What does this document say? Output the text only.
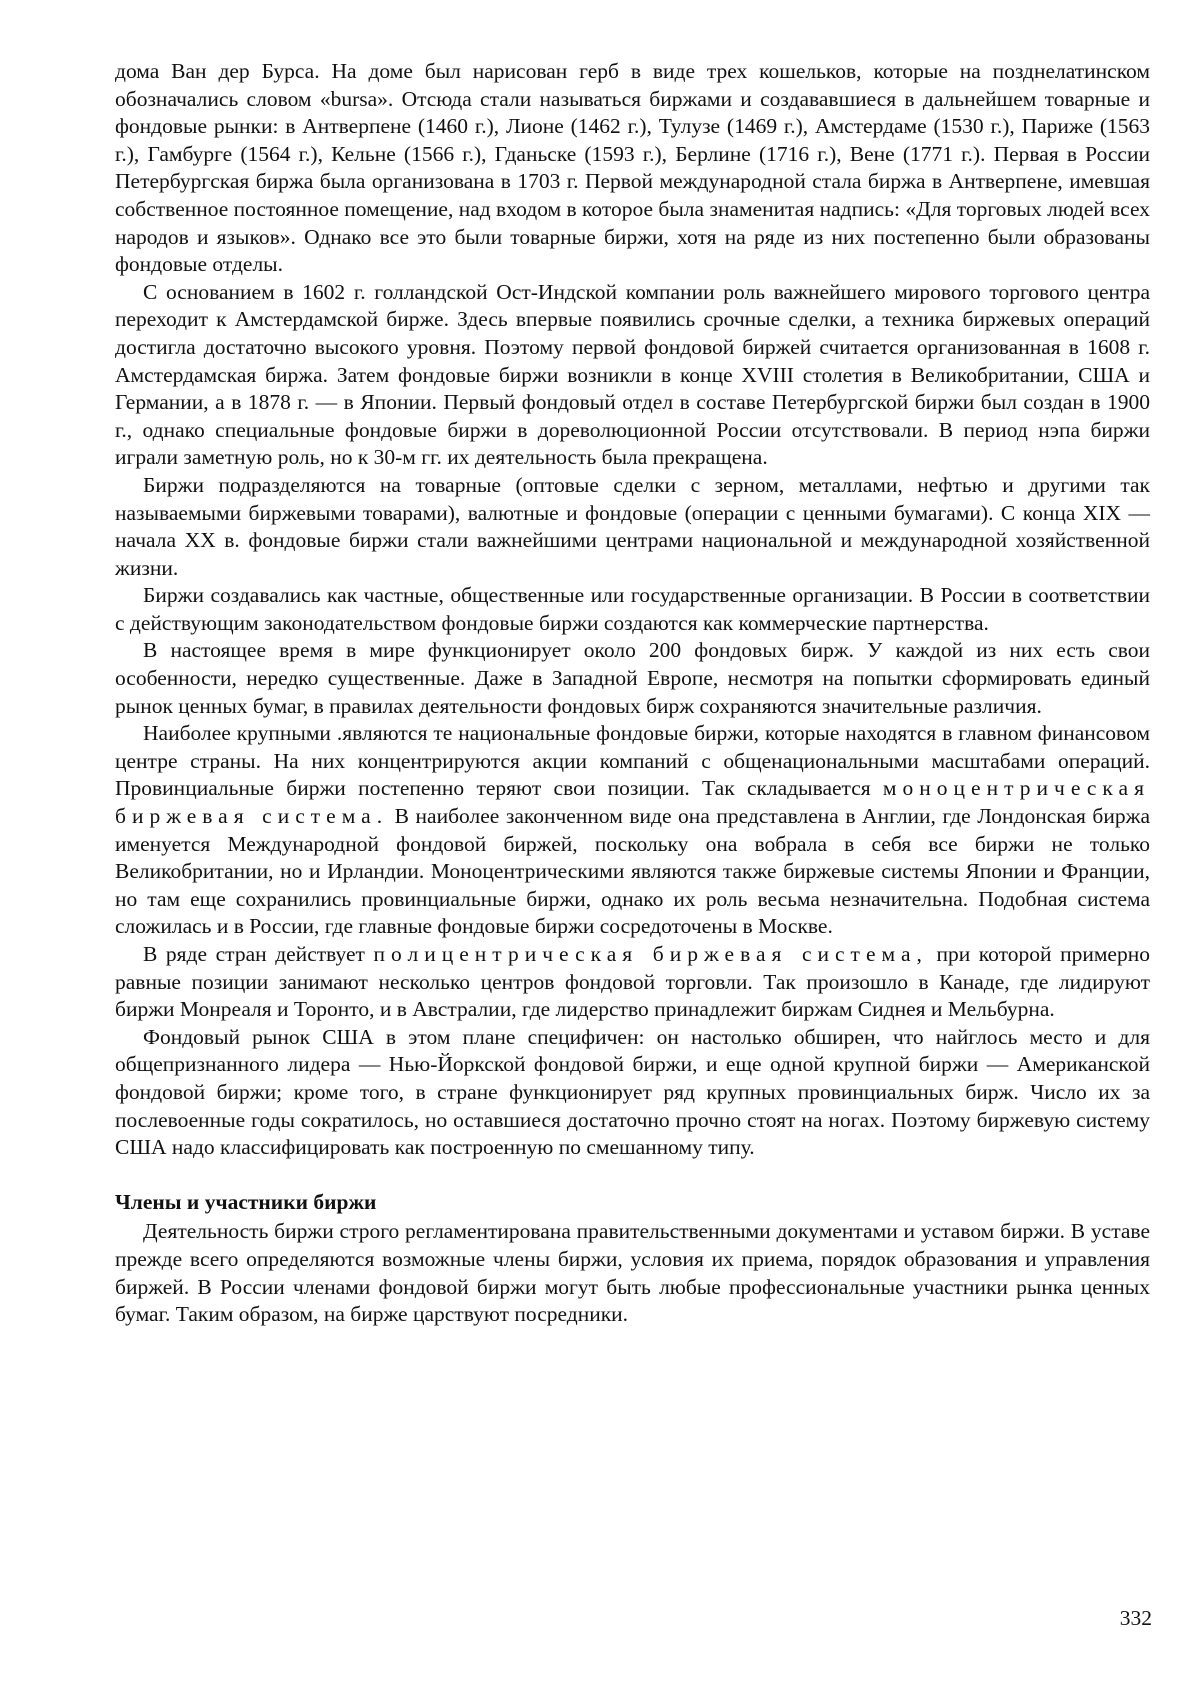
дома Ван дер Бурса. На доме был нарисован герб в виде трех кошельков, которые на позднелатинском обозначались словом «bursa». Отсюда стали называться биржами и создававшиеся в дальнейшем товарные и фондовые рынки: в Антверпене (1460 г.), Лионе (1462 г.), Тулузе (1469 г.), Амстердаме (1530 г.), Париже (1563 г.), Гамбурге (1564 г.), Кельне (1566 г.), Гданьске (1593 г.), Берлине (1716 г.), Вене (1771 г.). Первая в России Петербургская биржа была организована в 1703 г. Первой международной стала биржа в Антверпене, имевшая собственное постоянное помещение, над входом в которое была знаменитая надпись: «Для торговых людей всех народов и языков». Однако все это были товарные биржи, хотя на ряде из них постепенно были образованы фондовые отделы.

С основанием в 1602 г. голландской Ост-Индской компании роль важнейшего мирового торгового центра переходит к Амстердамской бирже. Здесь впервые появились срочные сделки, а техника биржевых операций достигла достаточно высокого уровня. Поэтому первой фондовой биржей считается организованная в 1608 г. Амстердамская биржа. Затем фондовые биржи возникли в конце XVIII столетия в Великобритании, США и Германии, а в 1878 г. — в Японии. Первый фондовый отдел в составе Петербургской биржи был создан в 1900 г., однако специальные фондовые биржи в дореволюционной России отсутствовали. В период нэпа биржи играли заметную роль, но к 30-м гг. их деятельность была прекращена.

Биржи подразделяются на товарные (оптовые сделки с зерном, металлами, нефтью и другими так называемыми биржевыми товарами), валютные и фондовые (операции с ценными бумагами). С конца XIX — начала XX в. фондовые биржи стали важнейшими центрами национальной и международной хозяйственной жизни.

Биржи создавались как частные, общественные или государственные организации. В России в соответствии с действующим законодательством фондовые биржи создаются как коммерческие партнерства.

В настоящее время в мире функционирует около 200 фондовых бирж. У каждой из них есть свои особенности, нередко существенные. Даже в Западной Европе, несмотря на попытки сформировать единый рынок ценных бумаг, в правилах деятельности фондовых бирж сохраняются значительные различия.

Наиболее крупными .являются те национальные фондовые биржи, которые находятся в главном финансовом центре страны. На них концентрируются акции компаний с общенациональными масштабами операций. Провинциальные биржи постепенно теряют свои позиции. Так складывается моноцентрическая биржевая система. В наиболее законченном виде она представлена в Англии, где Лондонская биржа именуется Международной фондовой биржей, поскольку она вобрала в себя все биржи не только Великобритании, но и Ирландии. Моноцентрическими являются также биржевые системы Японии и Франции, но там еще сохранились провинциальные биржи, однако их роль весьма незначительна. Подобная система сложилась и в России, где главные фондовые биржи сосредоточены в Москве.

В ряде стран действует полицентрическая биржевая система, при которой примерно равные позиции занимают несколько центров фондовой торговли. Так произошло в Канаде, где лидируют биржи Монреаля и Торонто, и в Австралии, где лидерство принадлежит биржам Сиднея и Мельбурна.

Фондовый рынок США в этом плане специфичен: он настолько обширен, что найглось место и для общепризнанного лидера — Нью-Йоркской фондовой биржи, и еще одной крупной биржи — Американской фондовой биржи; кроме того, в стране функционирует ряд крупных провинциальных бирж. Число их за послевоенные годы сократилось, но оставшиеся достаточно прочно стоят на ногах. Поэтому биржевую систему США надо классифицировать как построенную по смешанному типу.

Члены и участники биржи

Деятельность биржи строго регламентирована правительственными документами и уставом биржи. В уставе прежде всего определяются возможные члены биржи, условия их приема, порядок образования и управления биржей. В России членами фондовой биржи могут быть любые профессиональные участники рынка ценных бумаг. Таким образом, на бирже царствуют посредники.

332
